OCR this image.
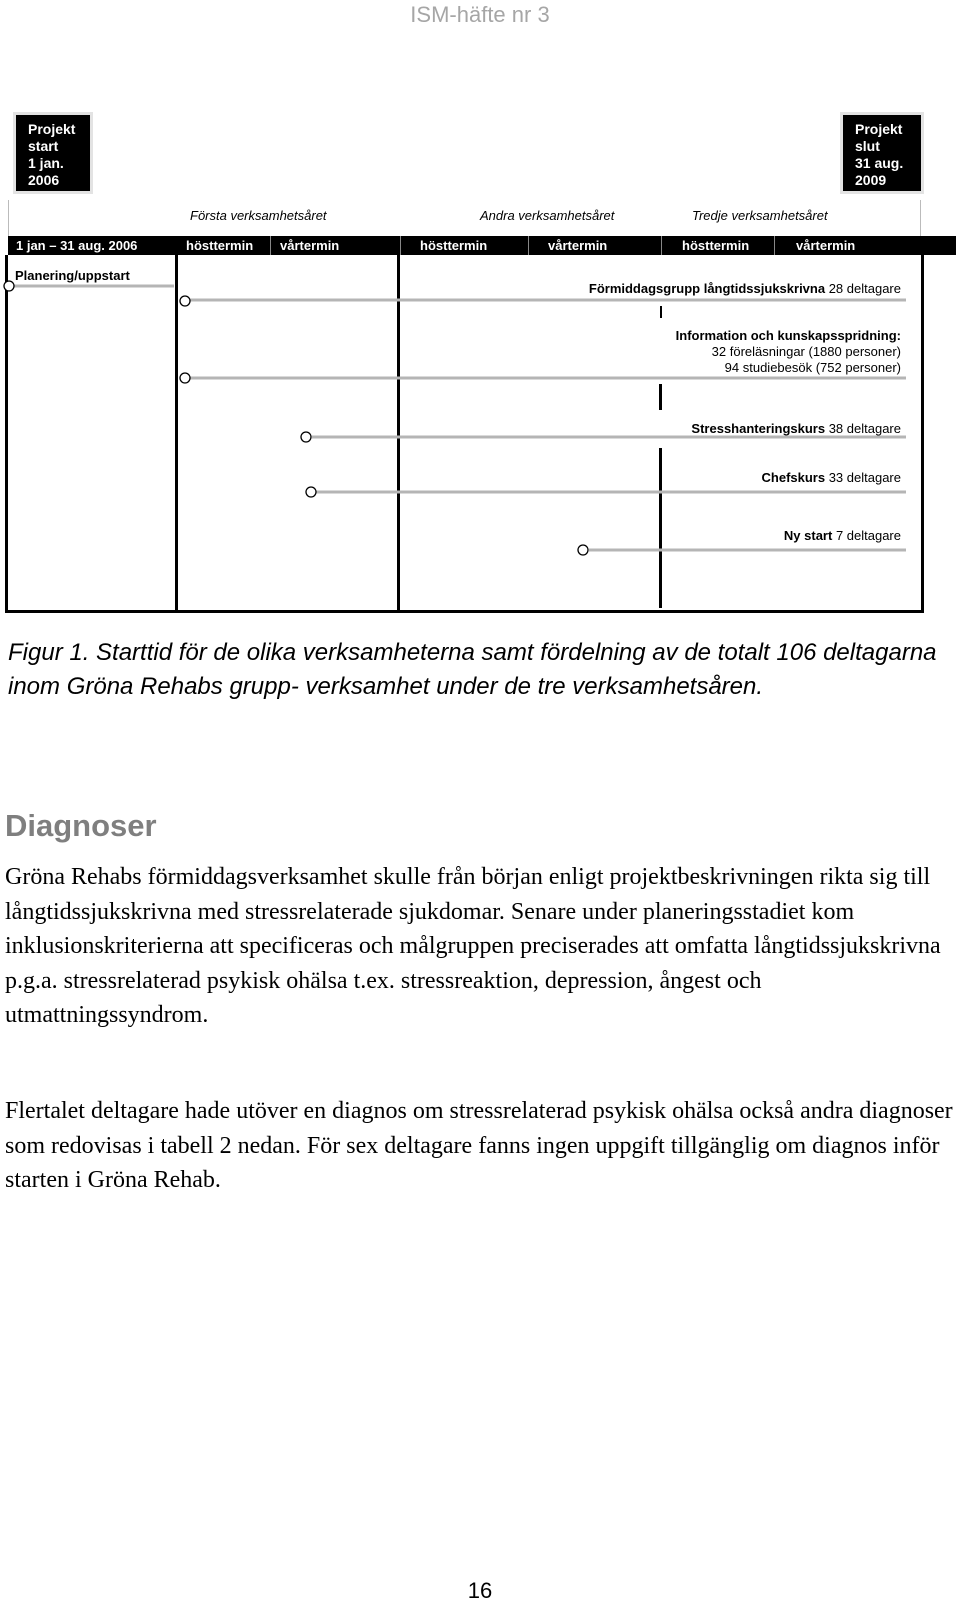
ISM-häfte nr 3
Projekt
start
1 jan.
2006
Projekt
slut
31 aug.
2009
Första verksamhetsåret	Andra verksamhetsåret	Tredje verksamhetsåret
1 jan – 31 aug. 2006	hösttermin vårtermin	hösttermin	vårtermin	hösttermin	vårtermin
Planering/uppstart
Förmiddagsgrupp långtidssjukskrivna 28 deltagare
Information och kunskapsspridning:
32 föreläsningar (1880 personer)
94 studiebesök (752 personer)
Stresshanteringskurs 38 deltagare
Chefskurs 33 deltagare
Ny start 7 deltagare
Figur 1. Starttid för de olika verksamheterna samt fördelning av de totalt 106 deltagarna inom Gröna Rehabs grupp- verksamhet under de tre verksamhetsåren.
Diagnoser
Gröna Rehabs förmiddagsverksamhet skulle från början enligt projektbeskrivningen rikta sig till långtidssjukskrivna med stressrelaterade sjukdomar. Senare under planeringsstadiet kom inklusionskriterierna att specificeras och målgruppen preciserades att omfatta långtidssjukskrivna p.g.a. stressrelaterad psykisk ohälsa t.ex. stressreaktion, depression, ångest och utmattningssyndrom.
Flertalet deltagare hade utöver en diagnos om stressrelaterad psykisk ohälsa också andra diagnoser som redovisas i tabell 2 nedan. För sex deltagare fanns ingen uppgift tillgänglig om diagnos inför starten i Gröna Rehab.
16
